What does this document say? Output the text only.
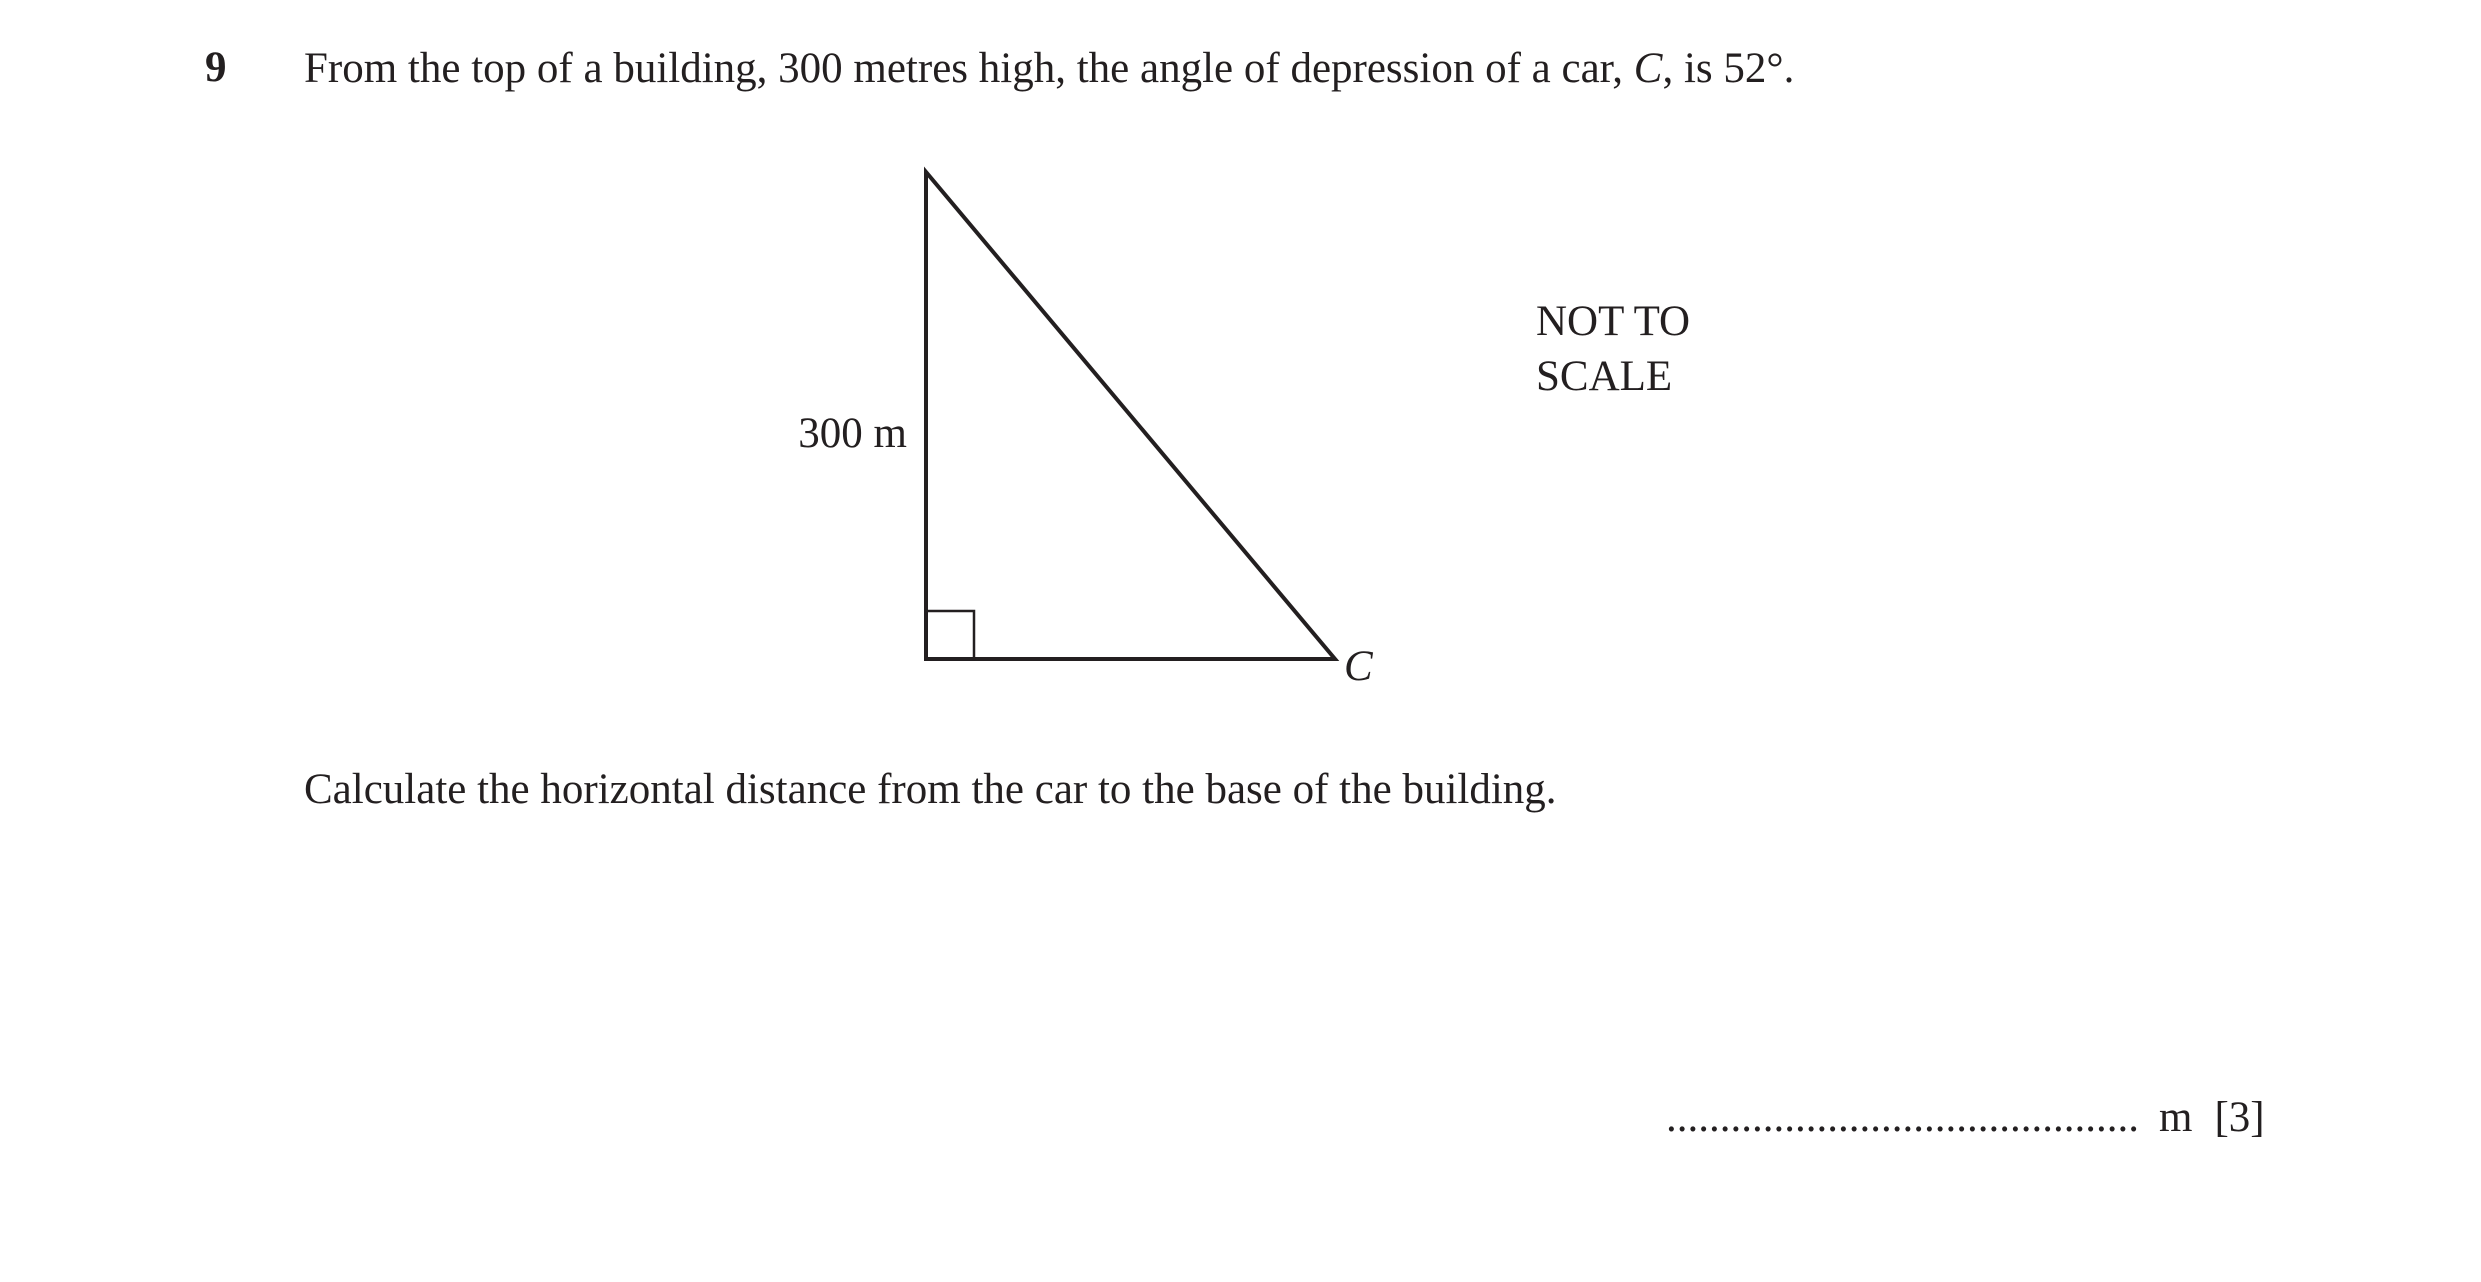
9 From the top of a building, 300 metres high, the angle of depression of a car, C, is 52°.
300 m
C
NOT TO
SCALE
Calculate the horizontal distance from the car to the base of the building.
............................................ m [3]
